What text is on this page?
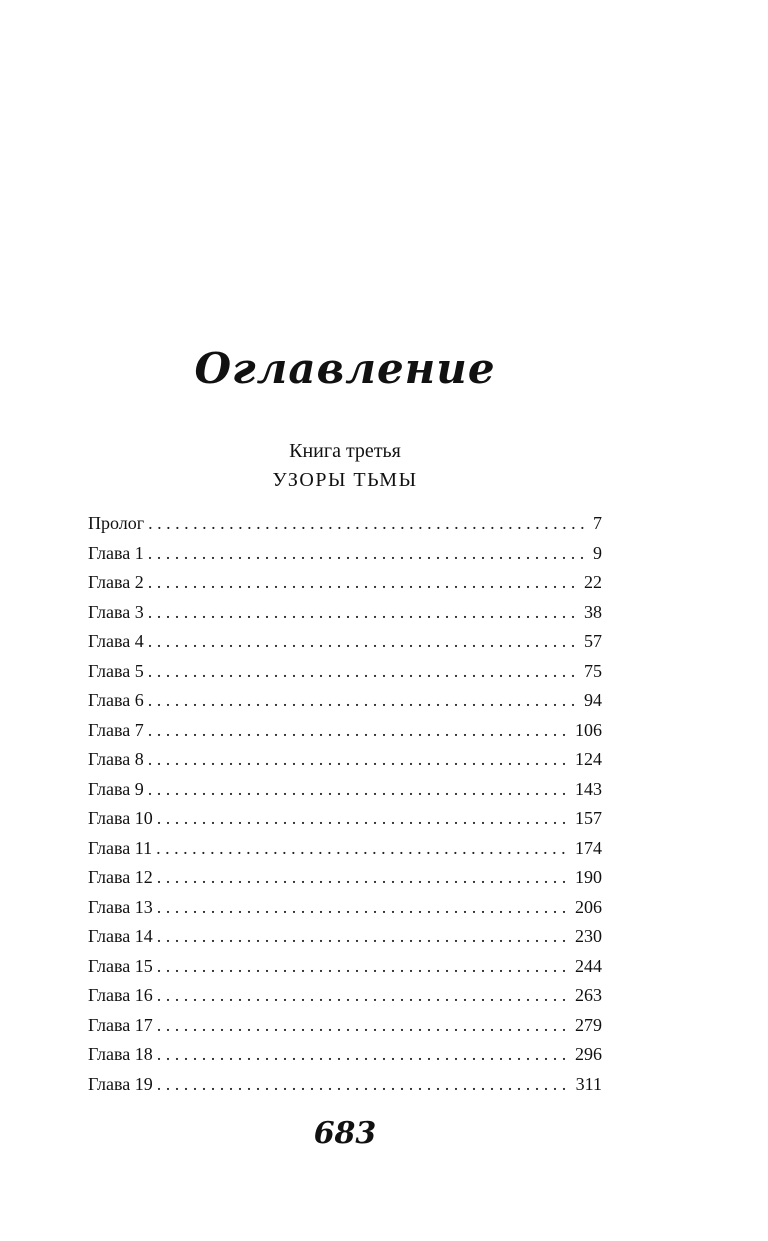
Оглавление
Книга третья
УЗОРЫ ТЬМЫ
Пролог . . .	7
Глава 1 . . .	9
Глава 2 . . .	22
Глава 3 . . .	38
Глава 4 . . .	57
Глава 5 . . .	75
Глава 6 . . .	94
Глава 7 . . .	106
Глава 8 . . .	124
Глава 9 . . .	143
Глава 10 . . .	157
Глава 11 . . .	174
Глава 12 . . .	190
Глава 13 . . .	206
Глава 14 . . .	230
Глава 15 . . .	244
Глава 16 . . .	263
Глава 17 . . .	279
Глава 18 . . .	296
Глава 19 . . .	311
683
